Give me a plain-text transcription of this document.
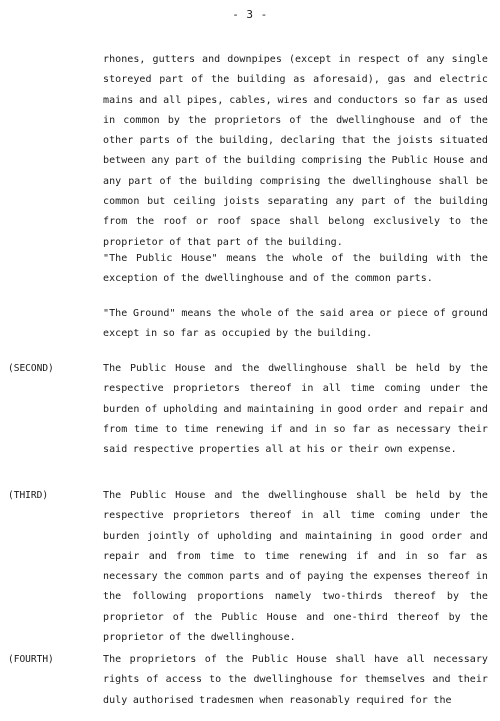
- 3 -

rhones, gutters and downpipes (except in respect of any single storeyed part of the building as aforesaid), gas and electric mains and all pipes, cables, wires and conductors so far as used in common by the proprietors of the dwellinghouse and of the other parts of the building, declaring that the joists situated between any part of the building comprising the Public House and any part of the building comprising the dwellinghouse shall be common but ceiling joists separating any part of the building from the roof or roof space shall belong exclusively to the proprietor of that part of the building.

"The Public House" means the whole of the building with the exception of the dwellinghouse and of the common parts.

"The Ground" means the whole of the said area or piece of ground except in so far as occupied by the building.

(SECOND)	The Public House and the dwellinghouse shall be held by the respective proprietors thereof in all time coming under the burden of upholding and maintaining in good order and repair and from time to time renewing if and in so far as necessary their said respective properties all at his or their own expense.

(THIRD)	The Public House and the dwellinghouse shall be held by the respective proprietors thereof in all time coming under the burden jointly of upholding and maintaining in good order and repair and from time to time renewing if and in so far as necessary the common parts and of paying the expenses thereof in the following proportions namely two-thirds thereof by the proprietor of the Public House and one-third thereof by the proprietor of the dwellinghouse.

(FOURTH)	The proprietors of the Public House shall have all necessary rights of access to the dwellinghouse for themselves and their duly authorised tradesmen when reasonably required for the
